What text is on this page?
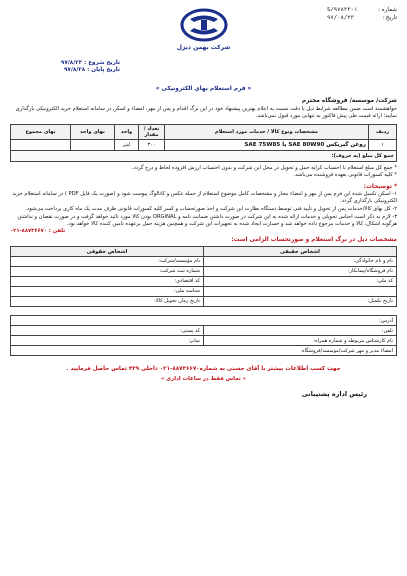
شماره :
S/۹۷۸۳۳-۱
تاریخ :
۹۷/۰۸/۲۳
شرکت بهمن دیزل
تاریخ شروع : ۹۷/۸/۲۳
تاریخ پایان : ۹۷/۸/۲۸
« فرم استعلام بهای الکترونیکی »
شرکت/ موسسه/ فروشگاه محترم
خواهشمند است ضمن مطالعه شرایط ذیل با دقت نسبت به اعلام بهترین پیشنهاد خود در این برگ اقدام و پس از مهر، امضاء و اسکن در سامانه استعلام خرید الکترونیکی بارگذاری نمایید؛ ارائه قیمت طی پیش فاکتور به تنهایی مورد قبول نمی‌باشد.
ردیف	مشخصات ونوع کالا / خدمات مورد استعلام	تعداد / مقدار	واحد	بهای واحد	بهای مجموع
۱	روغن گیربکس SAE 80W90 یا SAE 75W85	۳۰۰	لیتر		
جمع کل مبلغ (به حروف):					
* جمع کل مبلغ استعلام با احتساب کرایه حمل و تحویل در محل این شرکت و بدون احتساب ارزش افزوده لحاظ و درج گردد.
* کلیه کسورات قانونی بعهده فروشنده می‌باشد.
* توضیحات:
۱- اسکن تکمیل شده این فرم پس از مهر و امضاء مجاز و مشخصات کامل موضوع استعلام از جمله عکس و کاتالوگ پیوست شود و (صورت یک فایل PDF ) در سامانه استعلام خرید الکترونیکی بارگذاری گردد.
۲- کل بهای کالا/خدمات پس از تحویل و تأیید فنی توسط دستگاه نظارت این شرکت و اخذ صورتحساب و کسر کلیه کسورات قانونی ظرف مدت یک ماه کاری پرداخت می‌شود.
۳- لازم به ذکر است اجناس تحویلی و خدمات ارائه شده به این شرکت در صورت داشتن ضمانت نامه و ORGINAL بودن کالا مورد تائید خواهد گرفت و در صورت نقصان و نداشتن هرگونه اشکال، کالا و خدمات مرجوع داده خواهد شد و خسارت ایجاد شده به تجهیزات این شرکت و همچنین هزینه حمل برعهده تامین کننده کالا خواهد بود.
۰۲۱-۸۸۷۳۶۶۷۰ : تلفن
مشخصات ذیل در برگ استعلام و صورتحساب الزامی است:
اشخاص حقیقی	اشخاص حقوقی
نام و نام خانوادگی:	نام مؤسسه/شرکت:
نام فروشگاه/پیمانکار:	شماره ثبت شرکت:
کد ملی:	کد اقتصادی:
	شناسه ملی:
تاریخ تکمیل:	تاریخ زمان تحویل کالا:
آدرس:	
تلفن:	کد پستی:
نام کارشناس مربوطه و شماره همراه:	نمابر:
امضاء مدیر و مهر شرکت/موسسه/فروشگاه	
جهت کسب اطلاعات بیشتر با آقای حسنی به شماره۸۸۷۳۶۶۷۰-۰۲۱ داخلی ۴۳۹ تماس حاصل فرمایید .
« تماس فقط در ساعات اداری »
رئیس اداره پشتیبانی
